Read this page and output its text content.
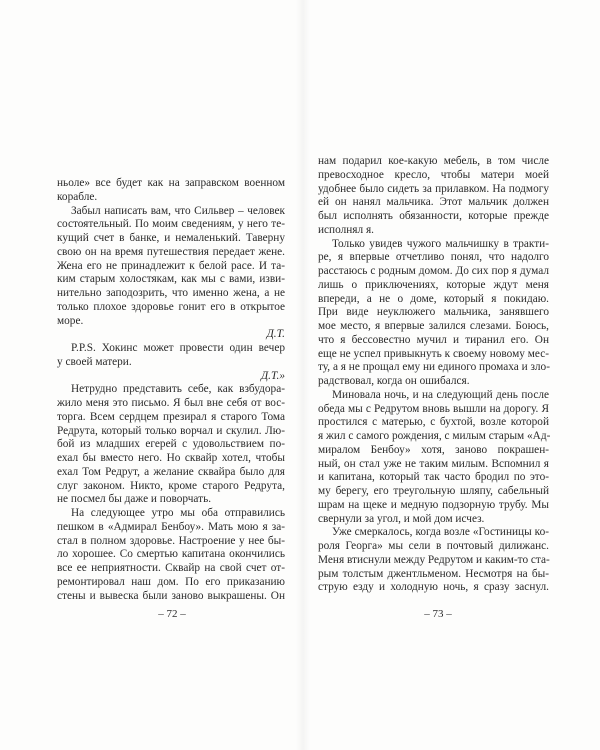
ньоле» все будет как на заправском военном
корабле.
Забыл написать вам, что Сильвер – человек
состоятельный. По моим сведениям, у него те-
кущий счет в банке, и немаленький. Таверну
свою он на время путешествия передает жене.
Жена его не принадлежит к белой расе. И та-
ким старым холостякам, как мы с вами, изви-
нительно заподозрить, что именно жена, а не
только плохое здоровье гонит его в открытое
море.
Д.Т.
P.P.S. Хокинс может провести один вечер
у своей матери.
Д.Т.»
Нетрудно представить себе, как взбудора-
жило меня это письмо. Я был вне себя от вос-
торга. Всем сердцем презирал я старого Тома
Редрута, который только ворчал и скулил. Лю-
бой из младших егерей с удовольствием по-
ехал бы вместо него. Но сквайр хотел, чтобы
ехал Том Редрут, а желание сквайра было для
слуг законом. Никто, кроме старого Редрута,
не посмел бы даже и поворчать.
На следующее утро мы оба отправились
пешком в «Адмирал Бенбоу». Мать мою я за-
стал в полном здоровье. Настроение у нее бы-
ло хорошее. Со смертью капитана окончились
все ее неприятности. Сквайр на свой счет от-
ремонтировал наш дом. По его приказанию
стены и вывеска были заново выкрашены. Он
нам подарил кое-какую мебель, в том числе
превосходное кресло, чтобы матери моей
удобнее было сидеть за прилавком. На подмогу
ей он нанял мальчика. Этот мальчик должен
был исполнять обязанности, которые прежде
исполнял я.
Только увидев чужого мальчишку в тракти-
ре, я впервые отчетливо понял, что надолго
расстаюсь с родным домом. До сих пор я думал
лишь о приключениях, которые ждут меня
впереди, а не о доме, который я покидаю.
При виде неуклюжего мальчика, занявшего
мое место, я впервые залился слезами. Боюсь,
что я бессовестно мучил и тиранил его. Он
еще не успел привыкнуть к своему новому мес-
ту, а я не прощал ему ни единого промаха и зло-
радствовал, когда он ошибался.
Миновала ночь, и на следующий день после
обеда мы с Редрутом вновь вышли на дорогу. Я
простился с матерью, с бухтой, возле которой
я жил с самого рождения, с милым старым «Ад-
миралом Бенбоу» хотя, заново покрашен-
ный, он стал уже не таким милым. Вспомнил я
и капитана, который так часто бродил по это-
му берегу, его треугольную шляпу, сабельный
шрам на щеке и медную подзорную трубу. Мы
свернули за угол, и мой дом исчез.
Уже смеркалось, когда возле «Гостиницы ко-
роля Георга» мы сели в почтовый дилижанс.
Меня втиснули между Редрутом и каким-то ста-
рым толстым джентльменом. Несмотря на бы-
струю езду и холодную ночь, я сразу заснул.
– 72 –	– 73 –
